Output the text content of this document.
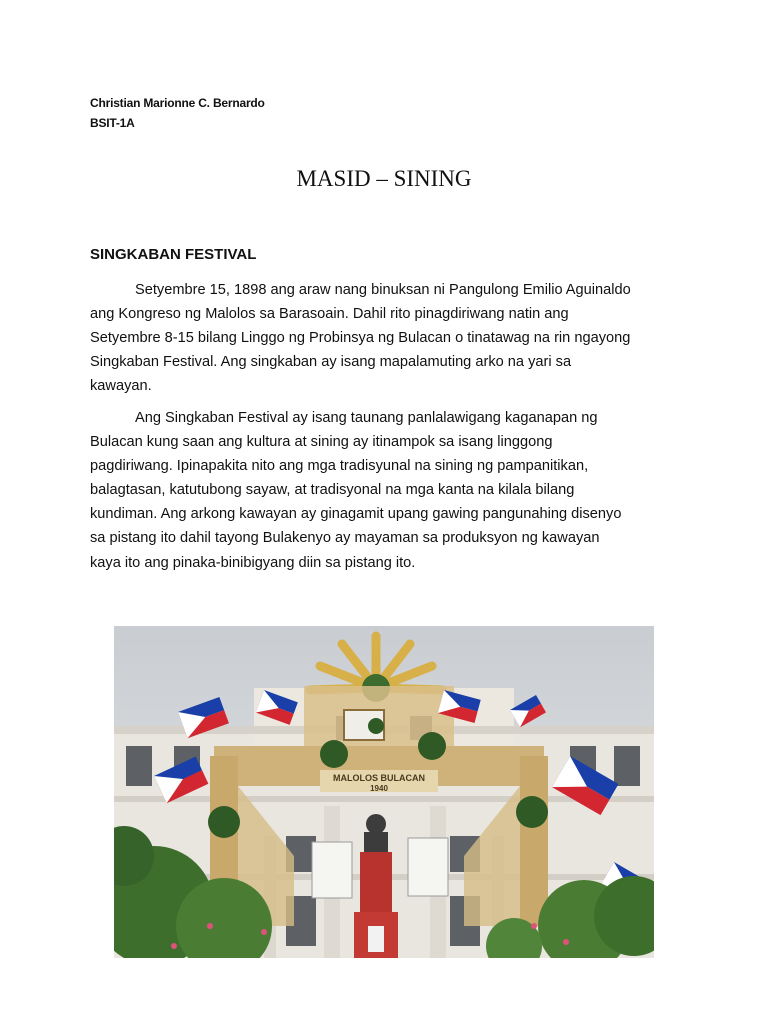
Christian Marionne C. Bernardo
BSIT-1A
MASID – SINING
SINGKABAN FESTIVAL
Setyembre 15, 1898 ang araw nang binuksan ni Pangulong Emilio Aguinaldo
ang Kongreso ng Malolos sa Barasoain. Dahil rito pinagdiriwang natin ang
Setyembre 8-15 bilang Linggo ng Probinsya ng Bulacan o tinatawag na rin ngayong
Singkaban Festival. Ang singkaban ay isang mapalamuting arko na yari sa
kawayan.
Ang Singkaban Festival ay isang taunang panlalawigang kaganapan ng
Bulacan kung saan ang kultura at sining ay itinampok sa isang linggong
pagdiriwang. Ipinapakita nito ang mga tradisyunal na sining ng pampanitikan,
balagtasan, katutubong sayaw, at tradisyonal na mga kanta na kilala bilang
kundiman. Ang arkong kawayan ay ginagamit upang gawing pangunahing disenyo
sa pistang ito dahil tayong Bulakenyo ay mayaman sa produksyon ng kawayan
kaya ito ang pinaka-binibigyang diin sa pistang ito.
MALOLOS BULACAN
1940
